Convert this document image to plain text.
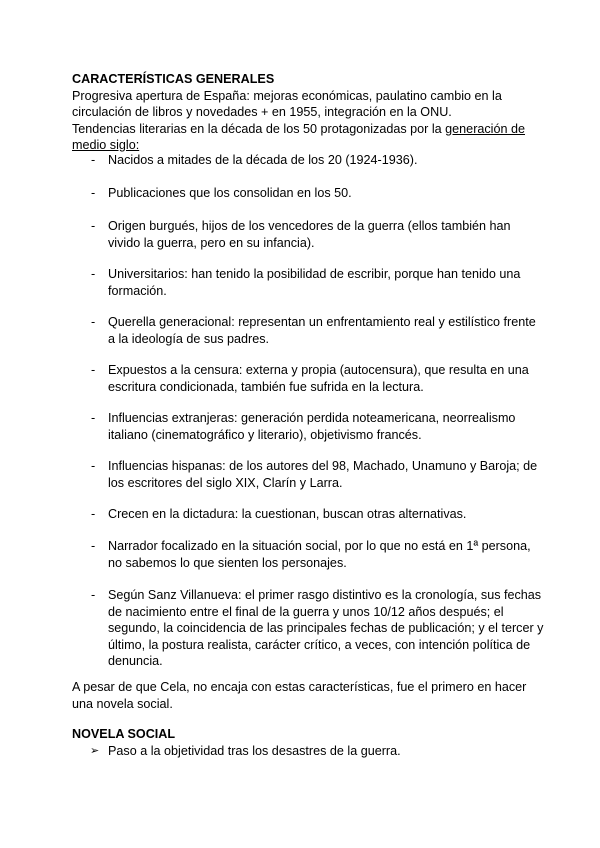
CARACTERÍSTICAS GENERALES
Progresiva apertura de España: mejoras económicas, paulatino cambio en la
circulación de libros y novedades + en 1955, integración en la ONU.
Tendencias literarias en la década de los 50 protagonizadas por la generación de
medio siglo:
- Nacidos a mitades de la década de los 20 (1924-1936).
- Publicaciones que los consolidan en los 50.
- Origen burgués, hijos de los vencedores de la guerra (ellos también han
vivido la guerra, pero en su infancia).
- Universitarios: han tenido la posibilidad de escribir, porque han tenido una
formación.
- Querella generacional: representan un enfrentamiento real y estilístico frente
a la ideología de sus padres.
- Expuestos a la censura: externa y propia (autocensura), que resulta en una
escritura condicionada, también fue sufrida en la lectura.
- Influencias extranjeras: generación perdida noteamericana, neorrealismo
italiano (cinematográfico y literario), objetivismo francés.
- Influencias hispanas: de los autores del 98, Machado, Unamuno y Baroja; de
los escritores del siglo XIX, Clarín y Larra.
- Crecen en la dictadura: la cuestionan, buscan otras alternativas.
- Narrador focalizado en la situación social, por lo que no está en 1ª persona,
no sabemos lo que sienten los personajes.
- Según Sanz Villanueva: el primer rasgo distintivo es la cronología, sus fechas
de nacimiento entre el final de la guerra y unos 10/12 años después; el
segundo, la coincidencia de las principales fechas de publicación; y el tercer y
último, la postura realista, carácter crítico, a veces, con intención política de
denuncia.
A pesar de que Cela, no encaja con estas características, fue el primero en hacer
una novela social.
NOVELA SOCIAL
➢ Paso a la objetividad tras los desastres de la guerra.
